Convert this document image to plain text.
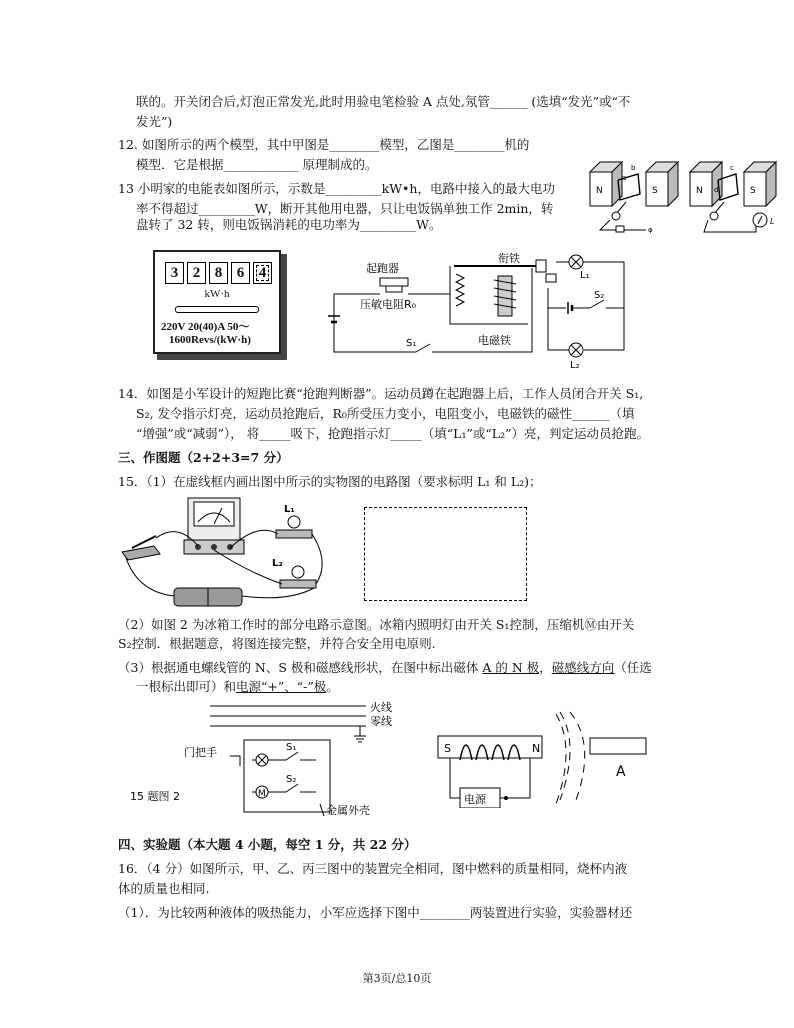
联的。开关闭合后,灯泡正常发光,此时用验电笔检验 A 点处,氖管______ (选填“发光”或“不
发光”)
12. 如图所示的两个模型，其中甲图是________模型，乙图是________机的
模型．它是根据____________ 原理制成的。
N	S
b
a
φ
N	S
c
d
L
13 小明家的电能表如图所示，示数是_________kW•h，电路中接入的最大电功
率不得超过_________W，断开其他用电器，只让电饭锅单独工作 2min，转
盘转了 32 转，则电饭锅消耗的电功率为_________W。
3 2 8 6 4
kW·h
220V 20(40)A 50～
1600Revs/(kW·h)
起跑器
压敏电阻R₀
S₁
衔铁
电磁铁
L₁
L₂
S₂
14．如图是小军设计的短跑比赛“抢跑判断器”。运动员蹲在起跑器上后，工作人员闭合开关 S₁,
S₂, 发令指示灯亮，运动员抢跑后，R₀所受压力变小，电阻变小，电磁铁的磁性______（填
“增强”或“减弱”）， 将_____吸下，抢跑指示灯_____（填“L₁”或“L₂”）亮，判定运动员抢跑。
三、作图题（2+2+3=7 分）
15．（1）在虚线框内画出图中所示的实物图的电路图（要求标明 L₁ 和 L₂)；
L₁
L₂
（2）如图 2 为冰箱工作时的部分电路示意图。冰箱内照明灯由开关 S₁控制，压缩机Ⓜ由开关
S₂控制．根据题意，将图连接完整，并符合安全用电原则.
（3）根据通电螺线管的 N、S 极和磁感线形状，在图中标出磁体 A 的 N 极，磁感线方向（任选
一根标出即可）和电源“+”、“-”极。
火线
零线
门把手	S₁
M
S₂
金属外壳
15 题图 2
S	N
电源
A
四、实验题（本大题 4 小题，每空 1 分，共 22 分）
16．（4 分）如图所示，甲、乙、丙三图中的装置完全相同，图中燃料的质量相同，烧杯内液
体的质量也相同.
（1）．为比较两种液体的吸热能力，小军应选择下图中________两装置进行实验，实验器材还
第3页/总10页
